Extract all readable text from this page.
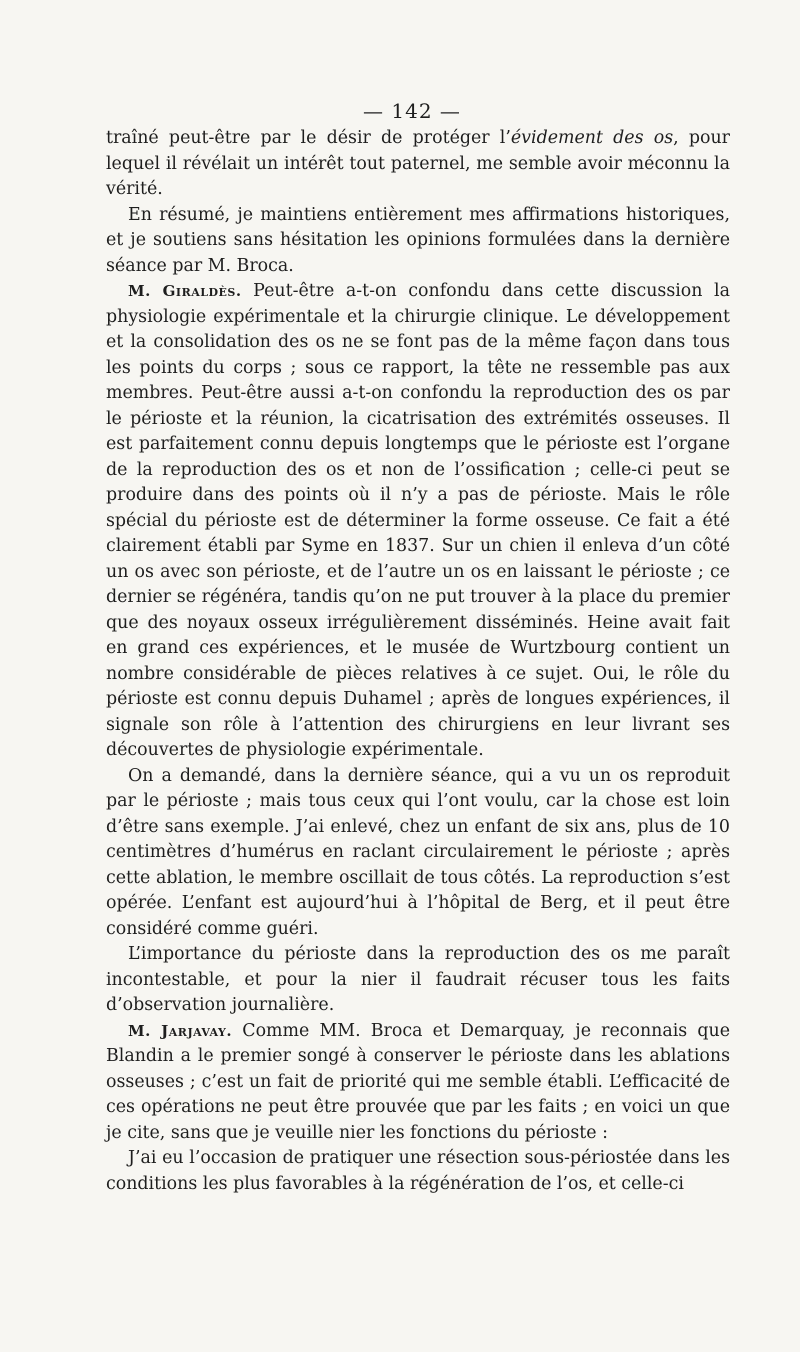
— 142 —

traîné peut-être par le désir de protéger l’évidement des os, pour lequel il révélait un intérêt tout paternel, me semble avoir méconnu la vérité.

En résumé, je maintiens entièrement mes affirmations historiques, et je soutiens sans hésitation les opinions formulées dans la dernière séance par M. Broca.

M. Giraldès. Peut-être a-t-on confondu dans cette discussion la physiologie expérimentale et la chirurgie clinique. Le développement et la consolidation des os ne se font pas de la même façon dans tous les points du corps ; sous ce rapport, la tête ne ressemble pas aux membres. Peut-être aussi a-t-on confondu la reproduction des os par le périoste et la réunion, la cicatrisation des extrémités osseuses. Il est parfaitement connu depuis longtemps que le périoste est l’organe de la reproduction des os et non de l’ossification ; celle-ci peut se produire dans des points où il n’y a pas de périoste. Mais le rôle spécial du périoste est de déterminer la forme osseuse. Ce fait a été clairement établi par Syme en 1837. Sur un chien il enleva d’un côté un os avec son périoste, et de l’autre un os en laissant le périoste ; ce dernier se régénéra, tandis qu’on ne put trouver à la place du premier que des noyaux osseux irrégulièrement disséminés. Heine avait fait en grand ces expériences, et le musée de Wurtzbourg contient un nombre considérable de pièces relatives à ce sujet. Oui, le rôle du périoste est connu depuis Duhamel ; après de longues expériences, il signale son rôle à l’attention des chirurgiens en leur livrant ses découvertes de physiologie expérimentale.

On a demandé, dans la dernière séance, qui a vu un os reproduit par le périoste ; mais tous ceux qui l’ont voulu, car la chose est loin d’être sans exemple. J’ai enlevé, chez un enfant de six ans, plus de 10 centimètres d’humérus en raclant circulairement le périoste ; après cette ablation, le membre oscillait de tous côtés. La reproduction s’est opérée. L’enfant est aujourd’hui à l’hôpital de Berg, et il peut être considéré comme guéri.

L’importance du périoste dans la reproduction des os me paraît incontestable, et pour la nier il faudrait récuser tous les faits d’observation journalière.

M. Jarjavay. Comme MM. Broca et Demarquay, je reconnais que Blandin a le premier songé à conserver le périoste dans les ablations osseuses ; c’est un fait de priorité qui me semble établi. L’efficacité de ces opérations ne peut être prouvée que par les faits ; en voici un que je cite, sans que je veuille nier les fonctions du périoste :

J’ai eu l’occasion de pratiquer une résection sous-périostée dans les conditions les plus favorables à la régénération de l’os, et celle-ci
